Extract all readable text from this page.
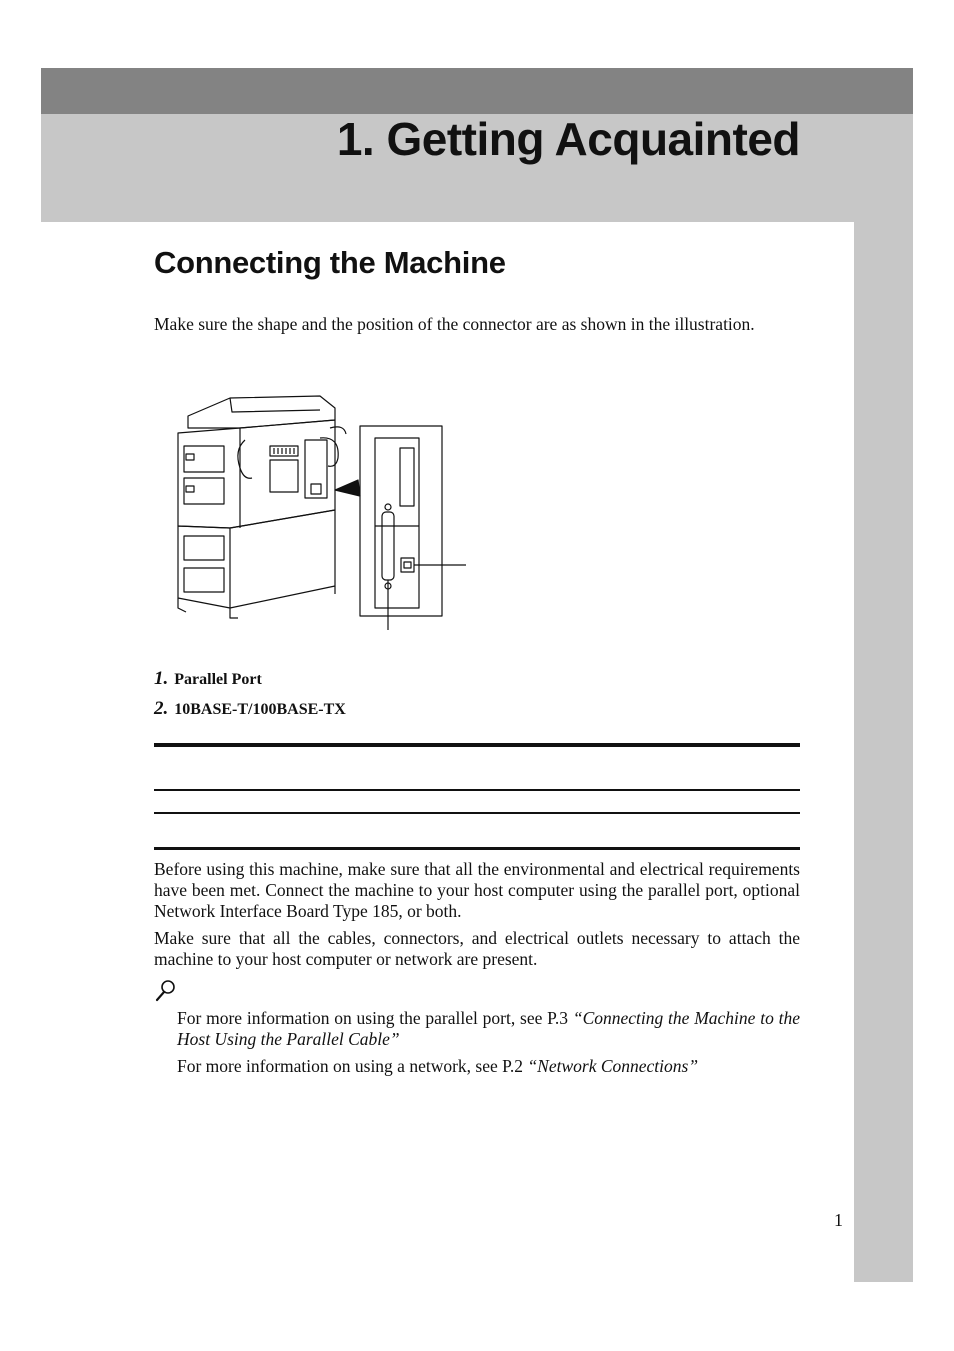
1. Getting Acquainted
Connecting the Machine

Make sure the shape and the position of the connector are as shown in the illustration.

1. Parallel Port

2. 10BASE-T/100BASE-TX

Before using this machine, make sure that all the environmental and electrical requirements have been met. Connect the machine to your host computer using the parallel port, optional Network Interface Board Type 185, or both.

Make sure that all the cables, connectors, and electrical outlets necessary to attach the machine to your host computer or network are present.

For more information on using the parallel port, see P.3 “Connecting the Machine to the Host Using the Parallel Cable”

For more information on using a network, see P.2 “Network Connections”

1
